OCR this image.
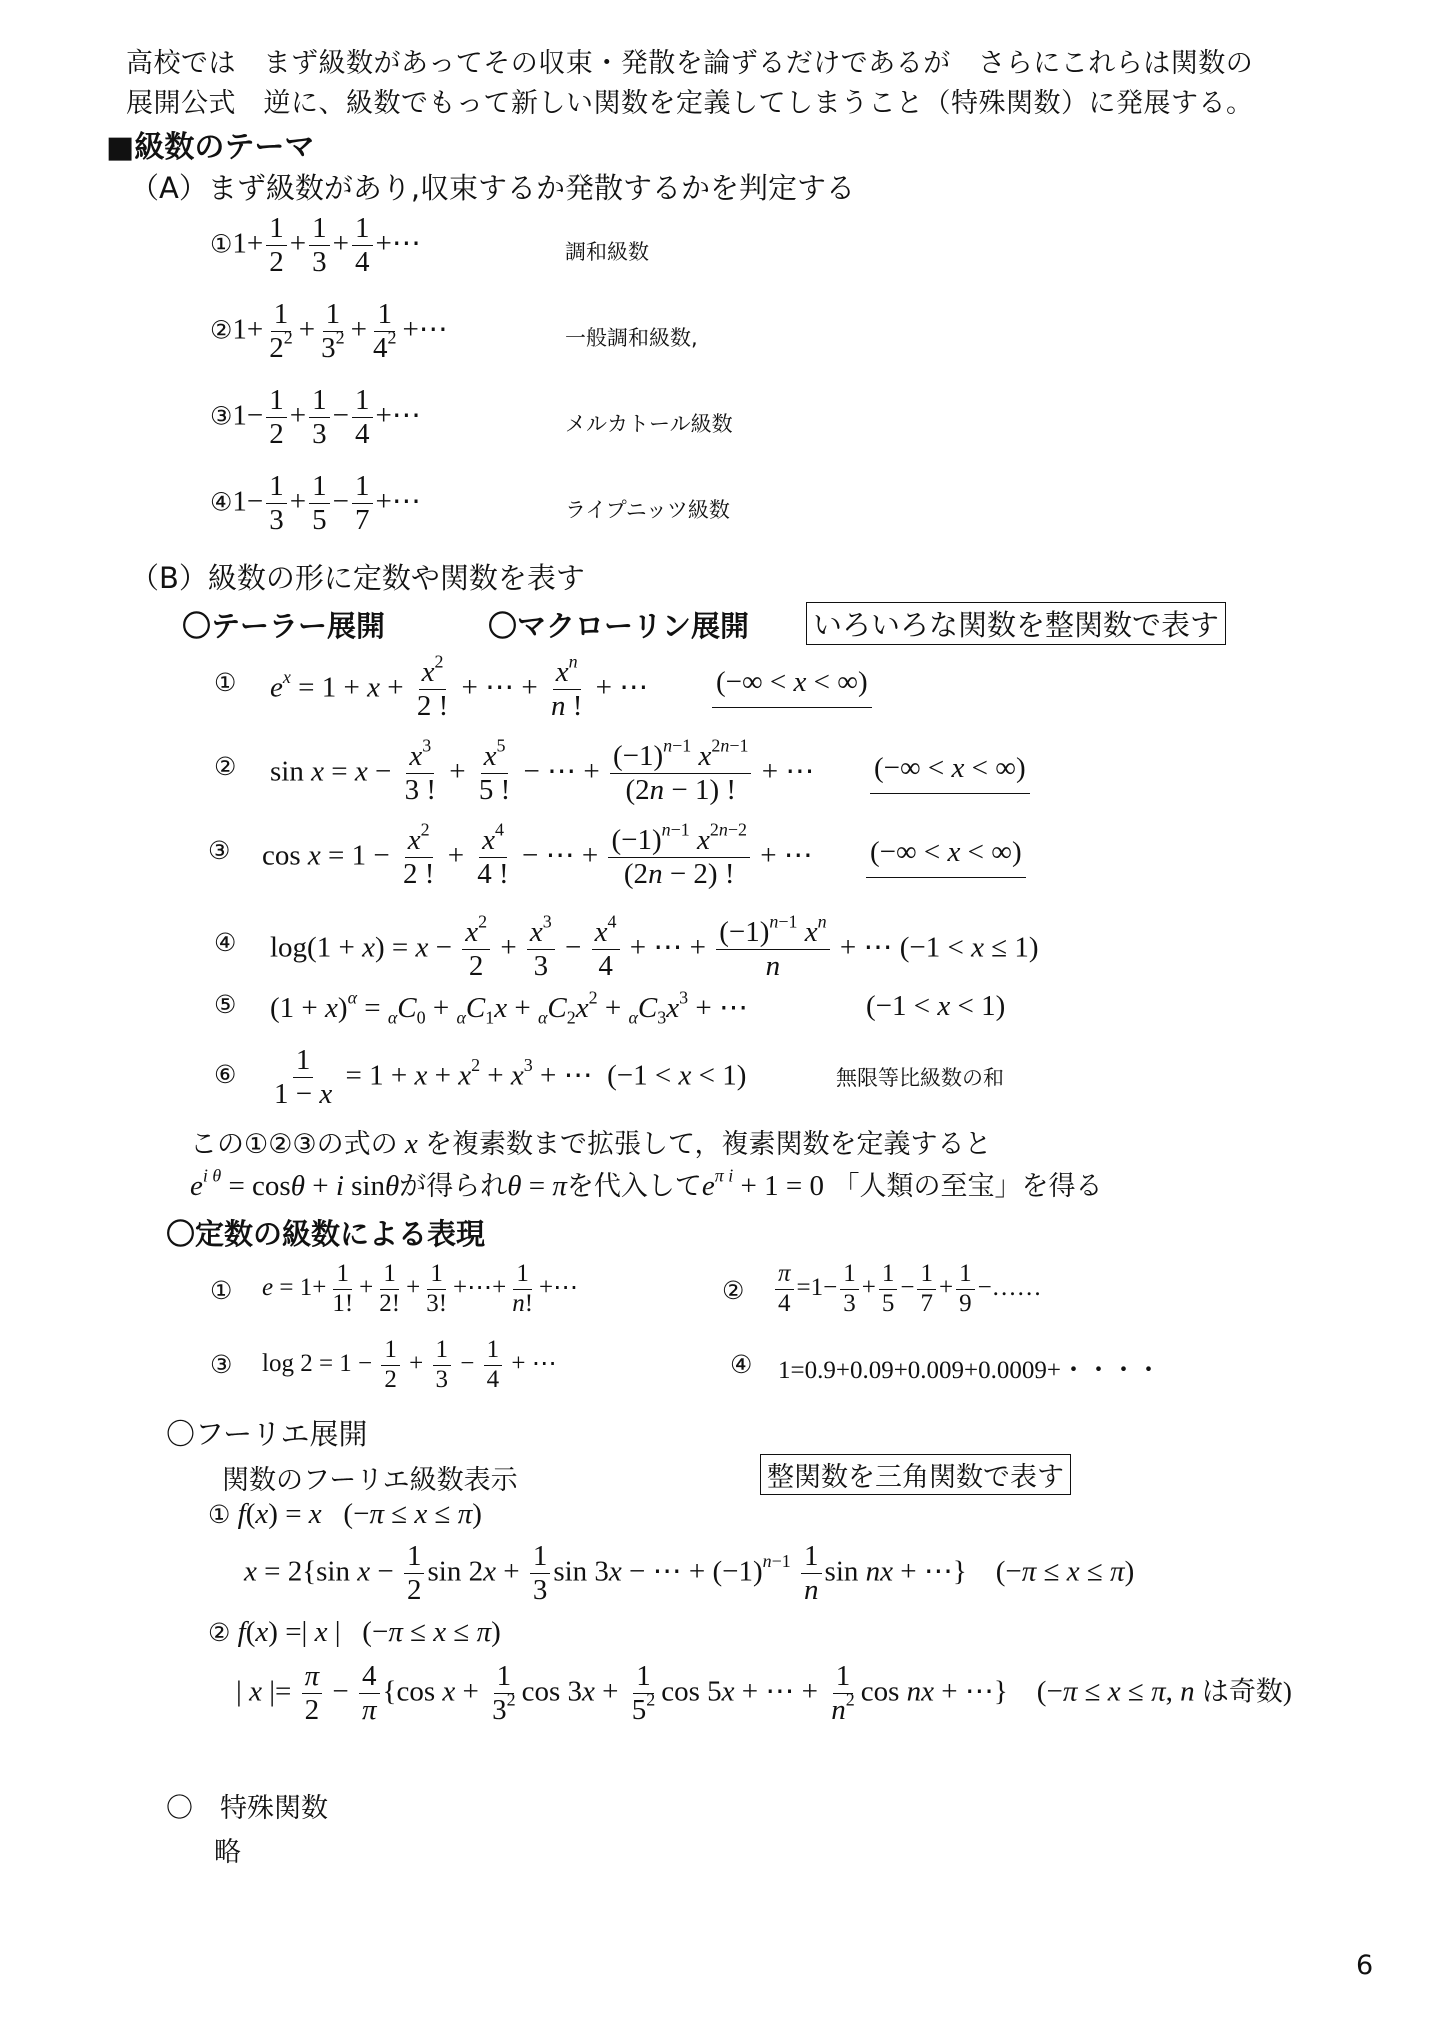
高校では　まず級数があってその収束・発散を論ずるだけであるが　さらにこれらは関数の
展開公式　逆に、級数でもって新しい関数を定義してしまうこと（特殊関数）に発展する。
■級数のテーマ
（A）まず級数があり,収束するか発散するかを判定する
①1+ $\frac{1}{2} + \frac{1}{3} + \frac{1}{4}$ +⋯	調和級数
②1+ $\frac{1}{2^2} + \frac{1}{3^2} + \frac{1}{4^2}$ +⋯	一般調和級数,
③1− $\frac{1}{2} + \frac{1}{3} - \frac{1}{4}$ +⋯	メルカトール級数
④1− $\frac{1}{3} + \frac{1}{5} - \frac{1}{7}$ +⋯	ライプニッツ級数
（B）級数の形に定数や関数を表す
〇テーラー展開	〇マクローリン展開 いろいろな関数を整関数で表す
① $e^x = 1 + x + \frac{x^2}{2 !}$ + ⋯ + $\frac{x^n}{n !}$ + ⋯ (−∞ < x < ∞)
② $\sin x = x - \frac{x^3}{3 !} + \frac{x^5}{5 !}$ − ⋯ + $\frac{(-1)^{n-1} x^{2n-1}}{(2n - 1) !}$ + ⋯ (−∞ < x < ∞)
③ $\cos x = 1 - \frac{x^2}{2 !} + \frac{x^4}{4 !}$ − ⋯ + $\frac{(-1)^{n-1} x^{2n-2}}{(2n - 2) !}$ + ⋯ (−∞ < x < ∞)
④ $\log(1 + x) = x - \frac{x^2}{2} + \frac{x^3}{3} - \frac{x^4}{4}$ + ⋯ + $\frac{(-1)^{n-1} x^n}{n}$ + ⋯ (−1 < x ≤ 1)
⑤ $(1 + x)^\alpha = _\alpha C_0 + _\alpha C_1x + _\alpha C_2x^2 + _\alpha C_3x^3$ + ⋯	(−1 < x < 1)
⑥ $\frac{1}{1 - x} = 1 + x + x^2 + x^3$ + ⋯  (−1 < x < 1)	無限等比級数の和
この①②③の式の x を複素数まで拡張して，複素関数を定義すると
$e^{i \theta} = \cos\theta + i$ sinθが得られθ = πを代入して$e^{\pi i} + 1 = 0$ 「人類の至宝」を得る
〇定数の級数による表現
① $e = 1+ \frac{1}{1!} + \frac{1}{2!} + \frac{1}{3!}$ +⋯+ $\frac{1}{n!}$ +⋯	② $\frac{\pi}{4} =1- \frac{1}{3} + \frac{1}{5} - \frac{1}{7} + \frac{1}{9}$ −……
③ $\log 2 = 1 - \frac{1}{2} + \frac{1}{3} - \frac{1}{4}$ + ⋯	④ 1=0.9+0.09+0.009+0.0009+・・・・
〇フーリエ展開
関数のフーリエ級数表示	整関数を三角関数で表す
① f(x) = x   (−π ≤ x ≤ π)
x = 2{sin $x - \frac{1}{2}$ $\sin 2x + \frac{1}{3}$ sin 3x − ⋯ + $(-1)^{n-1} \frac{1}{n}$ sin nx + ⋯}    (−π ≤ x ≤ π)
② f(x) =| x |   (−π ≤ x ≤ π)
| x |= $\frac{\pi}{2} - \frac{4}{\pi} \{\cos$ $x + \frac{1}{3^2}$ $\cos 3x + \frac{1}{5^2}$ cos 5x + ⋯ + $\frac{1}{n^2}$ cos nx + ⋯}    (−π ≤ x ≤ π, n は奇数)
〇　特殊関数
略
6
